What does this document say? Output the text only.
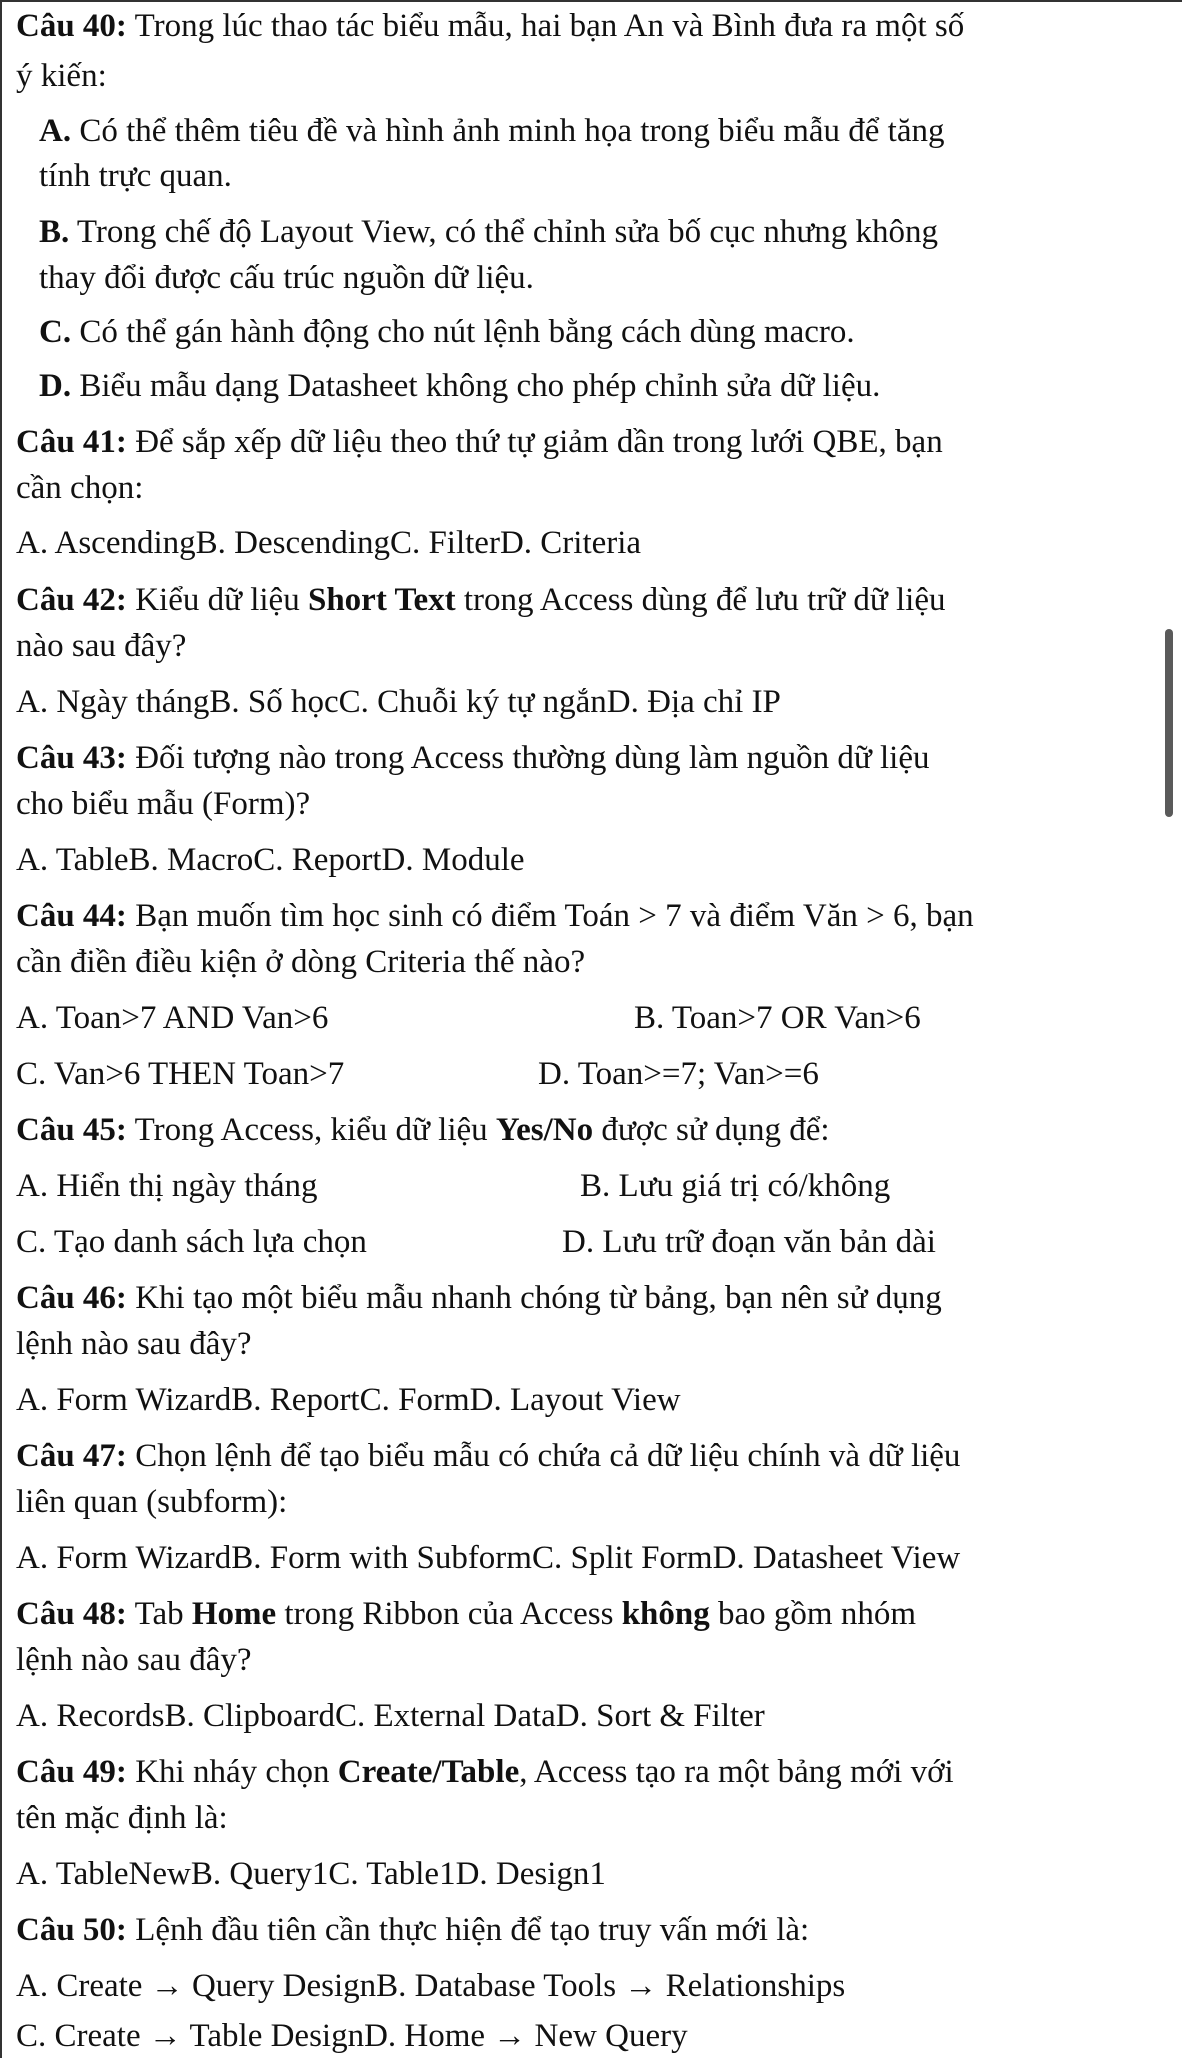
Câu 40: Trong lúc thao tác biểu mẫu, hai bạn An và Bình đưa ra một số
ý kiến:
A. Có thể thêm tiêu đề và hình ảnh minh họa trong biểu mẫu để tăng
tính trực quan.
B. Trong chế độ Layout View, có thể chỉnh sửa bố cục nhưng không
thay đổi được cấu trúc nguồn dữ liệu.
C. Có thể gán hành động cho nút lệnh bằng cách dùng macro.
D. Biểu mẫu dạng Datasheet không cho phép chỉnh sửa dữ liệu.
Câu 41: Để sắp xếp dữ liệu theo thứ tự giảm dần trong lưới QBE, bạn
cần chọn:
A. AscendingB. DescendingC. FilterD. Criteria
Câu 42: Kiểu dữ liệu Short Text trong Access dùng để lưu trữ dữ liệu
nào sau đây?
A. Ngày thángB. Số họcC. Chuỗi ký tự ngắnD. Địa chỉ IP
Câu 43: Đối tượng nào trong Access thường dùng làm nguồn dữ liệu
cho biểu mẫu (Form)?
A. TableB. MacroC. ReportD. Module
Câu 44: Bạn muốn tìm học sinh có điểm Toán > 7 và điểm Văn > 6, bạn
cần điền điều kiện ở dòng Criteria thế nào?
A. Toan>7 AND Van>6	B. Toan>7 OR Van>6
C. Van>6 THEN Toan>7	D. Toan>=7; Van>=6
Câu 45: Trong Access, kiểu dữ liệu Yes/No được sử dụng để:
A. Hiển thị ngày tháng	B. Lưu giá trị có/không
C. Tạo danh sách lựa chọn	D. Lưu trữ đoạn văn bản dài
Câu 46: Khi tạo một biểu mẫu nhanh chóng từ bảng, bạn nên sử dụng
lệnh nào sau đây?
A. Form WizardB. ReportC. FormD. Layout View
Câu 47: Chọn lệnh để tạo biểu mẫu có chứa cả dữ liệu chính và dữ liệu
liên quan (subform):
A. Form WizardB. Form with SubformC. Split FormD. Datasheet View
Câu 48: Tab Home trong Ribbon của Access không bao gồm nhóm
lệnh nào sau đây?
A. RecordsB. ClipboardC. External DataD. Sort & Filter
Câu 49: Khi nháy chọn Create/Table, Access tạo ra một bảng mới với
tên mặc định là:
A. TableNewB. Query1C. Table1D. Design1
Câu 50: Lệnh đầu tiên cần thực hiện để tạo truy vấn mới là:
A. Create → Query DesignB. Database Tools → Relationships
C. Create → Table DesignD. Home → New Query
